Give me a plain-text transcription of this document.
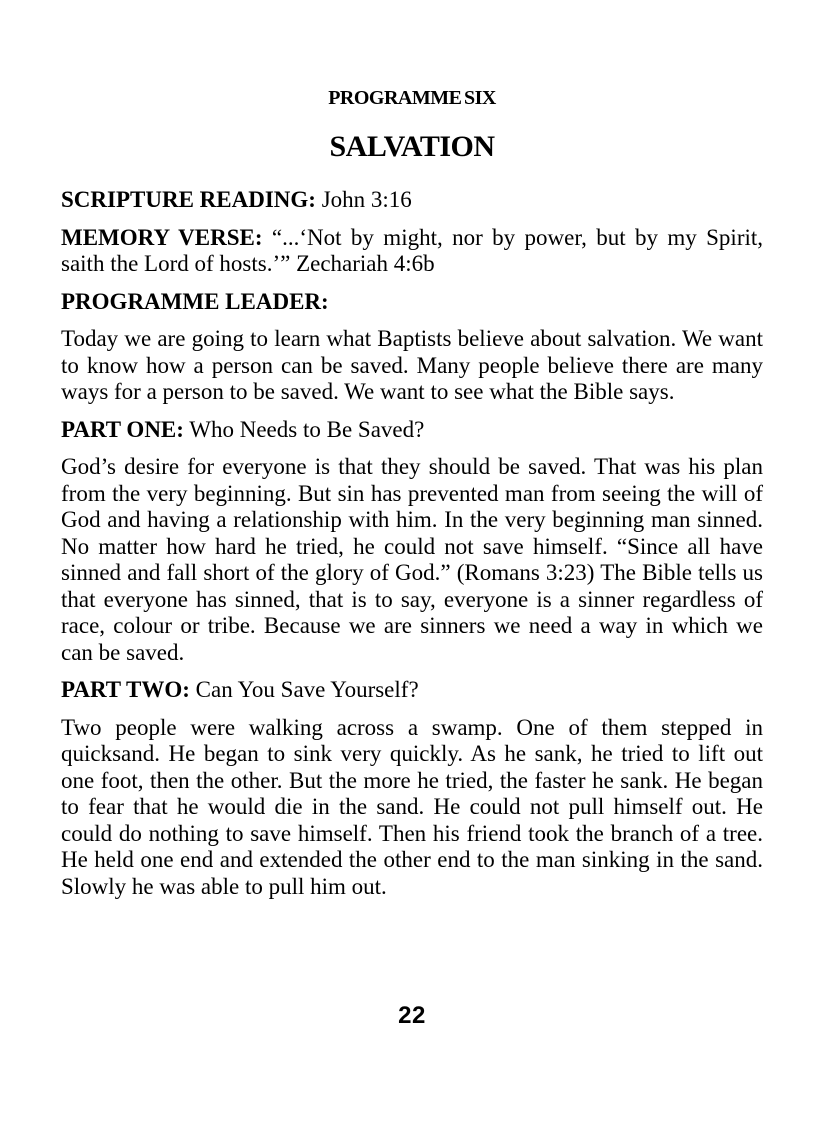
PROGRAMME SIX
SALVATION

SCRIPTURE READING: John 3:16

MEMORY VERSE: “...‘Not by might, nor by power, but by my Spirit, saith the Lord of hosts.’” Zechariah 4:6b

PROGRAMME LEADER:

Today we are going to learn what Baptists believe about salvation. We want to know how a person can be saved. Many people believe there are many ways for a person to be saved. We want to see what the Bible says.

PART ONE: Who Needs to Be Saved?

God’s desire for everyone is that they should be saved. That was his plan from the very beginning. But sin has prevented man from seeing the will of God and having a relationship with him. In the very beginning man sinned. No matter how hard he tried, he could not save himself. “Since all have sinned and fall short of the glory of God.” (Romans 3:23) The Bible tells us that everyone has sinned, that is to say, everyone is a sinner regardless of race, colour or tribe. Because we are sinners we need a way in which we can be saved.

PART TWO: Can You Save Yourself?

Two people were walking across a swamp. One of them stepped in quicksand. He began to sink very quickly. As he sank, he tried to lift out one foot, then the other. But the more he tried, the faster he sank. He began to fear that he would die in the sand. He could not pull himself out. He could do nothing to save himself. Then his friend took the branch of a tree. He held one end and extended the other end to the man sinking in the sand. Slowly he was able to pull him out.

22
